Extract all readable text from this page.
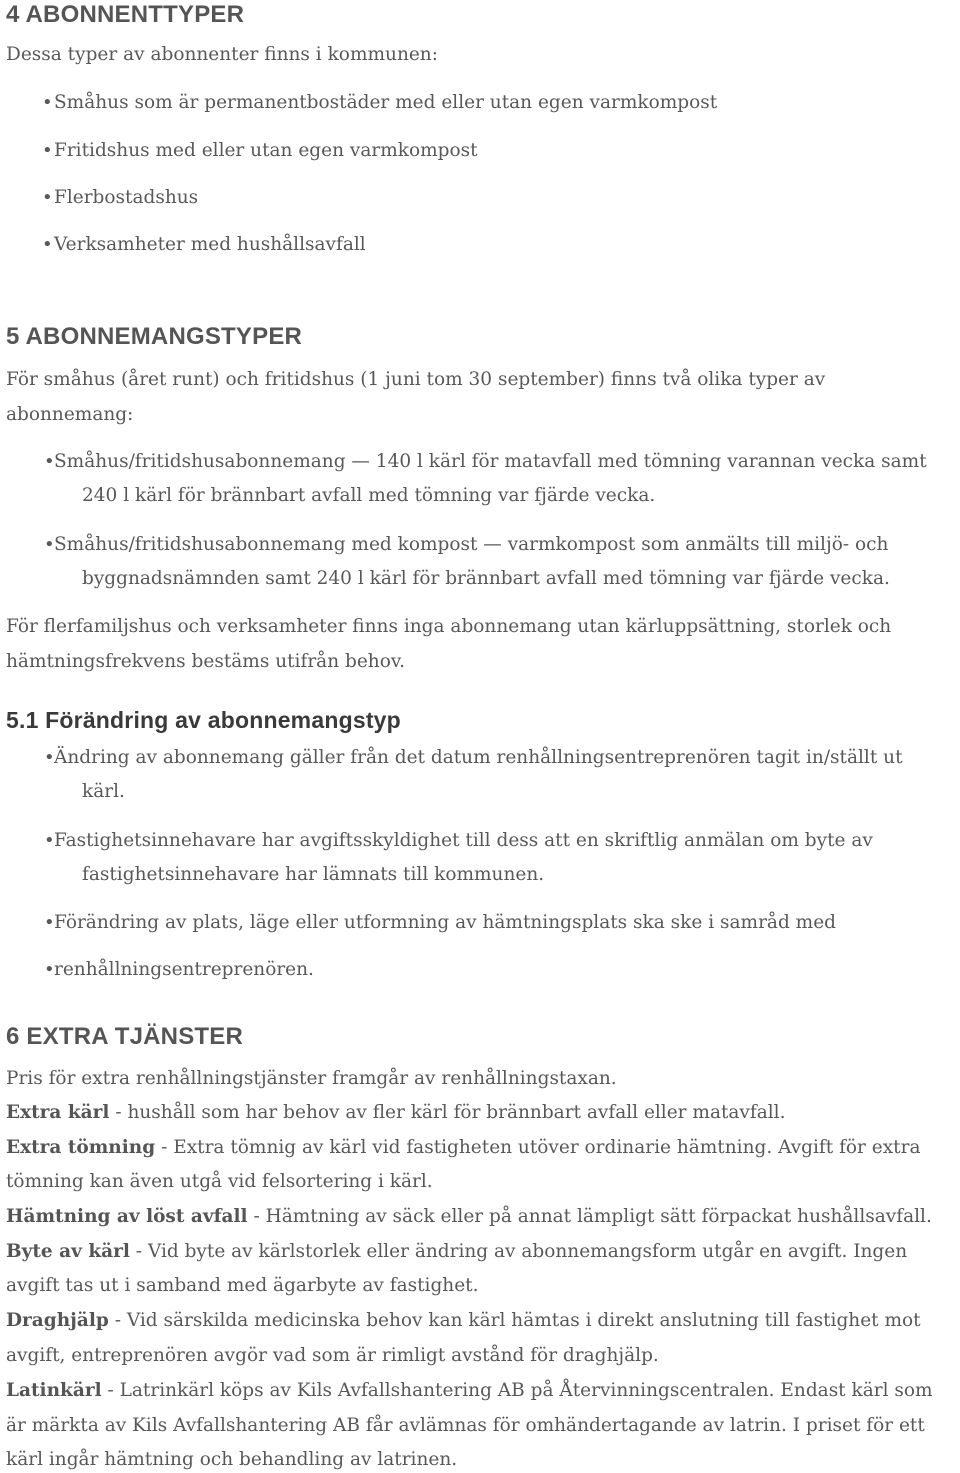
4 ABONNENTTYPER
Dessa typer av abonnenter finns i kommunen:
• Småhus som är permanentbostäder med eller utan egen varmkompost
• Fritidshus med eller utan egen varmkompost
• Flerbostadshus
• Verksamheter med hushållsavfall
5 ABONNEMANGSTYPER
För småhus (året runt) och fritidshus (1 juni tom 30 september) finns två olika typer av
abonnemang:
• Småhus/fritidshusabonnemang — 140 l kärl för matavfall med tömning varannan vecka samt
240 l kärl för brännbart avfall med tömning var fjärde vecka.
• Småhus/fritidshusabonnemang med kompost — varmkompost som anmälts till miljö- och
byggnadsnämnden samt 240 l kärl för brännbart avfall med tömning var fjärde vecka.
För flerfamiljshus och verksamheter finns inga abonnemang utan kärluppsättning, storlek och
hämtningsfrekvens bestäms utifrån behov.
5.1 Förändring av abonnemangstyp
• Ändring av abonnemang gäller från det datum renhållningsentreprenören tagit in/ställt ut
kärl.
• Fastighetsinnehavare har avgiftsskyldighet till dess att en skriftlig anmälan om byte av
fastighetsinnehavare har lämnats till kommunen.
• Förändring av plats, läge eller utformning av hämtningsplats ska ske i samråd med
• renhållningsentreprenören.
6 EXTRA TJÄNSTER
Pris för extra renhållningstjänster framgår av renhållningstaxan.
Extra kärl - hushåll som har behov av fler kärl för brännbart avfall eller matavfall.
Extra tömning - Extra tömnig av kärl vid fastigheten utöver ordinarie hämtning. Avgift för extra
tömning kan även utgå vid felsortering i kärl.
Hämtning av löst avfall - Hämtning av säck eller på annat lämpligt sätt förpackat hushållsavfall.
Byte av kärl - Vid byte av kärlstorlek eller ändring av abonnemangsform utgår en avgift. Ingen
avgift tas ut i samband med ägarbyte av fastighet.
Draghjälp - Vid särskilda medicinska behov kan kärl hämtas i direkt anslutning till fastighet mot
avgift, entreprenören avgör vad som är rimligt avstånd för draghjälp.
Latinkärl - Latrinkärl köps av Kils Avfallshantering AB på Återvinningscentralen. Endast kärl som
är märkta av Kils Avfallshantering AB får avlämnas för omhändertagande av latrin. I priset för ett
kärl ingår hämtning och behandling av latrinen.
